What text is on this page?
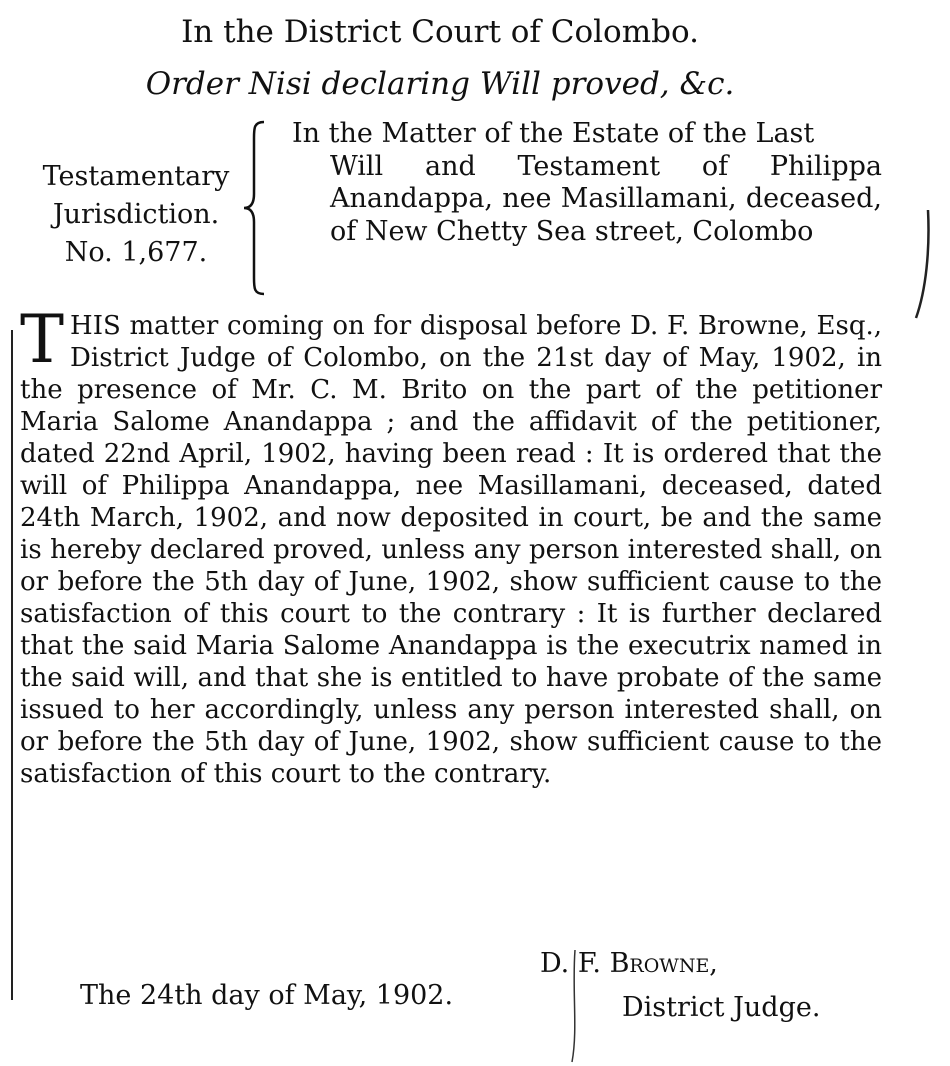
In the District Court of Colombo.
Order Nisi declaring Will proved, &c.
Testamentary
Jurisdiction.
No. 1,677.
In the Matter of the Estate of the Last
Will and Testament of Philippa Anandappa, nee Masillamani, deceased, of New Chetty Sea street, Colombo
T HIS matter coming on for disposal before D. F. Browne, Esq., District Judge of Colombo, on the 21st day of May, 1902, in the presence of Mr. C. M. Brito on the part of the petitioner Maria Salome Anandappa ; and the affidavit of the petitioner, dated 22nd April, 1902, having been read : It is ordered that the will of Philippa Anandappa, nee Masillamani, deceased, dated 24th March, 1902, and now deposited in court, be and the same is hereby declared proved, unless any person interested shall, on or before the 5th day of June, 1902, show sufficient cause to the satisfaction of this court to the contrary : It is further declared that the said Maria Salome Anandappa is the executrix named in the said will, and that she is entitled to have probate of the same issued to her accordingly, unless any person interested shall, on or before the 5th day of June, 1902, show sufficient cause to the satisfaction of this court to the contrary.
The 24th day of May, 1902.
D. F. Browne,
District Judge.
